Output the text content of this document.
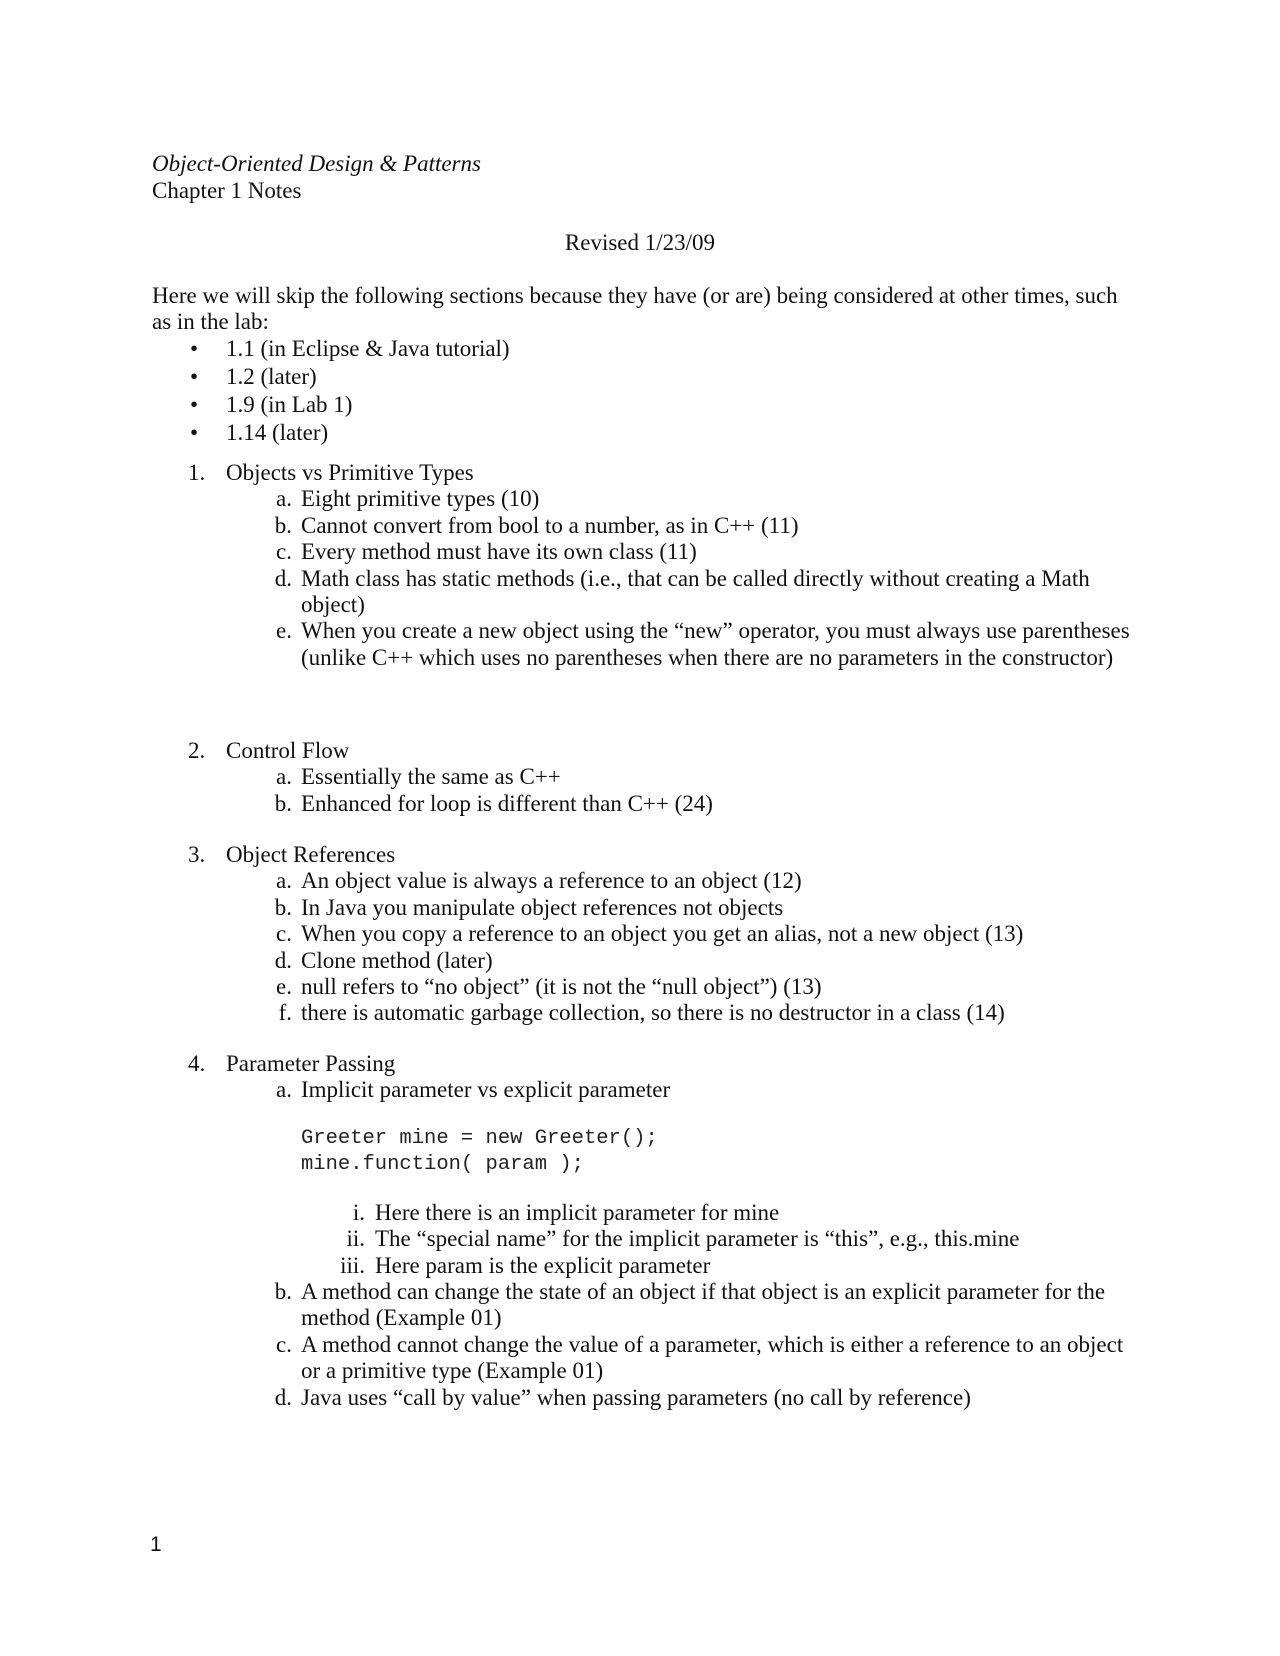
Object-Oriented Design & Patterns
Chapter 1 Notes
Revised 1/23/09
Here we will skip the following sections because they have (or are) being considered at other times, such as in the lab:
• 1.1 (in Eclipse & Java tutorial)
• 1.2 (later)
• 1.9 (in Lab 1)
• 1.14 (later)
1. Objects vs Primitive Types
a. Eight primitive types (10)
b. Cannot convert from bool to a number, as in C++ (11)
c. Every method must have its own class (11)
d. Math class has static methods (i.e., that can be called directly without creating a Math object)
e. When you create a new object using the “new” operator, you must always use parentheses (unlike C++ which uses no parentheses when there are no parameters in the constructor)
2. Control Flow
a. Essentially the same as C++
b. Enhanced for loop is different than C++ (24)
3. Object References
a. An object value is always a reference to an object (12)
b. In Java you manipulate object references not objects
c. When you copy a reference to an object you get an alias, not a new object (13)
d. Clone method (later)
e. null refers to “no object” (it is not the “null object”) (13)
f. there is automatic garbage collection, so there is no destructor in a class (14)
4. Parameter Passing
a. Implicit parameter vs explicit parameter
Greeter mine = new Greeter();
mine.function( param );
i. Here there is an implicit parameter for mine
ii. The “special name” for the implicit parameter is “this”, e.g., this.mine
iii. Here param is the explicit parameter
b. A method can change the state of an object if that object is an explicit parameter for the method (Example 01)
c. A method cannot change the value of a parameter, which is either a reference to an object or a primitive type (Example 01)
d. Java uses “call by value” when passing parameters (no call by reference)
1
